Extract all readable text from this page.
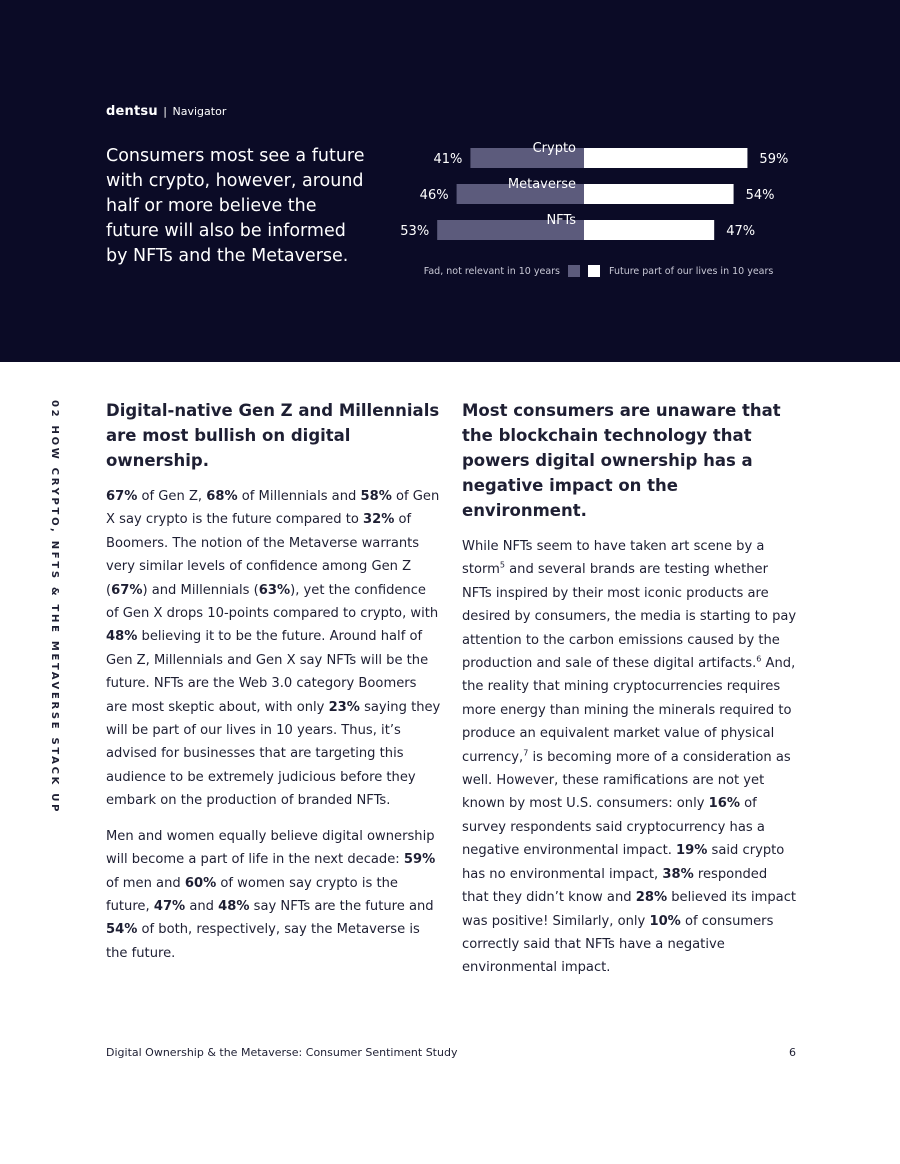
dentsu | Navigator
Consumers most see a future with crypto, however, around half or more believe the future will also be informed by NFTs and the Metaverse.
Crypto
41%	59%
Metaverse
46%	54%
NFTs
53%	47%
Fad, not relevant in 10 years	Future part of our lives in 10 years
02 HOW CRYPTO, NFTS & THE METAVERSE STACK UP	Digital-native Gen Z and Millennials are most bullish on digital ownership.

67% of Gen Z, 68% of Millennials and 58% of Gen X say crypto is the future compared to 32% of Boomers. The notion of the Metaverse warrants very similar levels of confidence among Gen Z (67%) and Millennials (63%), yet the confidence of Gen X drops 10-points compared to crypto, with 48% believing it to be the future. Around half of Gen Z, Millennials and Gen X say NFTs will be the future. NFTs are the Web 3.0 category Boomers are most skeptic about, with only 23% saying they will be part of our lives in 10 years. Thus, it’s advised for businesses that are targeting this audience to be extremely judicious before they embark on the production of branded NFTs.

Men and women equally believe digital ownership will become a part of life in the next decade: 59% of men and 60% of women say crypto is the future, 47% and 48% say NFTs are the future and 54% of both, respectively, say the Metaverse is the future.

Most consumers are unaware that the blockchain technology that powers digital ownership has a negative impact on the environment.

While NFTs seem to have taken art scene by a storm$^5$ and several brands are testing whether NFTs inspired by their most iconic products are desired by consumers, the media is starting to pay attention to the carbon emissions caused by the production and sale of these digital artifacts.$^6$ And, the reality that mining cryptocurrencies requires more energy than mining the minerals required to produce an equivalent market value of physical currency,$^7$ is becoming more of a consideration as well. However, these ramifications are not yet known by most U.S. consumers: only 16% of survey respondents said cryptocurrency has a negative environmental impact. 19% said crypto has no environmental impact, 38% responded that they didn’t know and 28% believed its impact was positive! Similarly, only 10% of consumers correctly said that NFTs have a negative environmental impact.

Digital Ownership & the Metaverse: Consumer Sentiment Study	6
